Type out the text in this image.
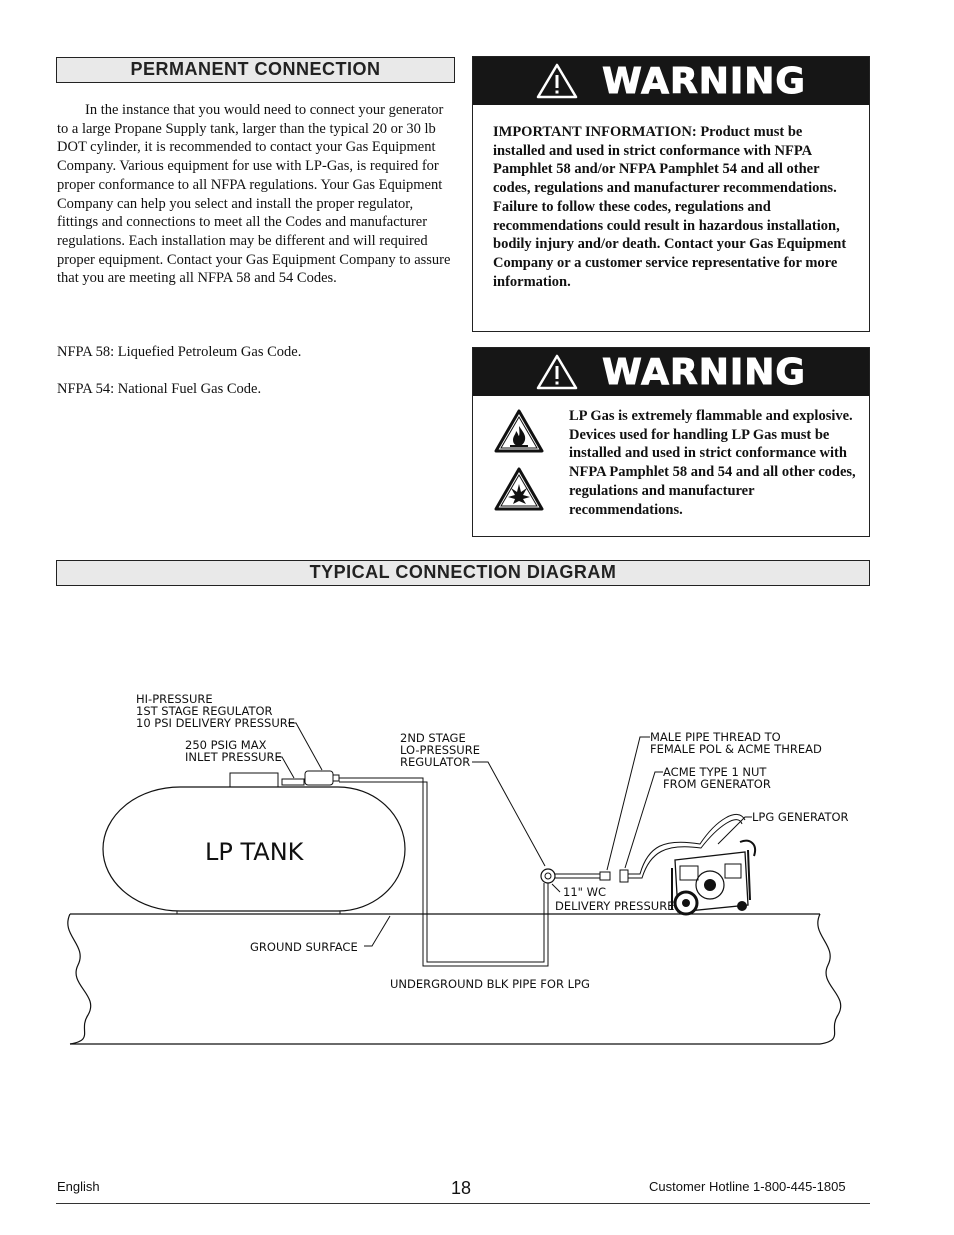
PERMANENT CONNECTION

In the instance that you would need to connect your generator to a large Propane Supply tank, larger than the typical 20 or 30 lb DOT cylinder, it is recommended to contact your Gas Equipment Company. Various equipment for use with LP-Gas, is required for proper conformance to all NFPA regulations. Your Gas Equipment Company can help you select and install the proper regulator, fittings and connections to meet all the Codes and manufacturer regulations. Each installation may be different and will required proper equipment. Contact your Gas Equipment Company to assure that you are meeting all NFPA 58 and 54 Codes.

NFPA 58: Liquefied Petroleum Gas Code.

NFPA 54: National Fuel Gas Code.

WARNING

IMPORTANT INFORMATION: Product must be installed and used in strict conformance with NFPA Pamphlet 58 and/or NFPA Pamphlet 54 and all other codes, regulations and manufacturer recommendations. Failure to follow these codes, regulations and recommendations could result in hazardous installation, bodily injury and/or death. Contact your Gas Equipment Company or a customer service representative for more information.

WARNING

LP Gas is extremely flammable and explosive. Devices used for handling LP Gas must be installed and used in strict conformance with NFPA Pamphlet 58 and 54 and all other codes, regulations and manufacturer recommendations.

TYPICAL CONNECTION DIAGRAM
LP TANK
HI-PRESSURE
1ST STAGE REGULATOR
10 PSI DELIVERY PRESSURE
250 PSIG MAX
INLET PRESSURE
2ND STAGE
LO-PRESSURE
REGULATOR
MALE PIPE THREAD TO
FEMALE POL & ACME THREAD
ACME TYPE 1 NUT
FROM GENERATOR
LPG GENERATOR
11" WC
DELIVERY PRESSURE
GROUND SURFACE
UNDERGROUND BLK PIPE FOR LPG
English	18	Customer Hotline 1-800-445-1805
